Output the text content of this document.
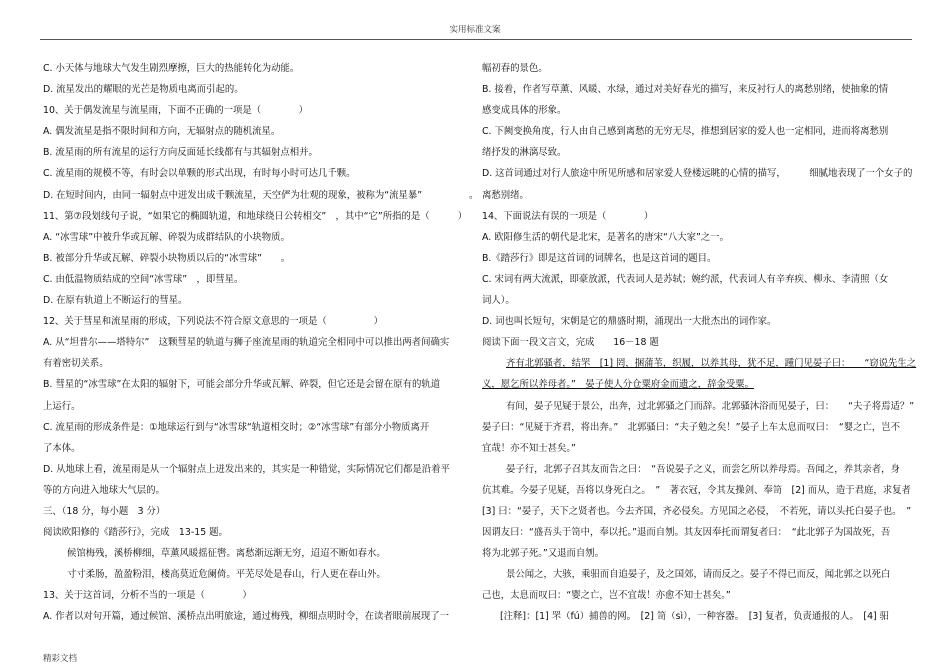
实用标准文案
C. 小天体与地球大气发生剧烈摩擦，巨大的热能转化为动能。
D. 流星发出的耀眼的光芒是物质电离而引起的。
10、关于偶发流星与流星雨，下面不正确的一项是（　　　　）
A. 偶发流星是指不限时间和方向，无辐射点的随机流星。
B. 流星雨的所有流星的运行方向反面延长线都有与其辐射点相并。
C. 流星雨的规模不等，有时会以单颗的形式出现，有时每小时可达几千颗。
D. 在短时间内，由同一辐射点中迸发出成千颗流星，天空俨为壮观的现象，被称为“流星暴”　　　　　。
11、第⑦段划线句子说，“如果它的椭圆轨道，和地球绕日公转相交”　，其中“它”所指的是（　　　）
A. “冰雪球”中被升华或瓦解、碎裂为成群结队的小块物质。
B. 被部分升华或瓦解、碎裂小块物质以后的“冰雪球”　　。
C. 由低温物质结成的空间“冰雪球”　，即彗星。
D. 在原有轨道上不断运行的彗星。
12、关于彗星和流星雨的形成，下列说法不符合原文意思的一项是（　　　　　）
A. 从“坦普尔——塔特尔”　这颗彗星的轨道与狮子座流星雨的轨道完全相同中可以推出两者间确实
有着密切关系。
B. 彗星的“冰雪球”在太阳的辐射下，可能会部分升华或瓦解、碎裂，但它还是会留在原有的轨道
上运行。
C. 流星雨的形成条件是：①地球运行到与“冰雪球“轨道相交时；②“冰雪球”有部分小物质离开
了本体。
D. 从地球上看，流星雨是从一个辐射点上迸发出来的，其实是一种错觉，实际情况它们都是沿着平
等的方向进入地球大气层的。
三、（18 分，每小题　3 分）
阅读欧阳修的《踏莎行》，完成　13-15 题。
候馆梅残，溪桥柳细，草薰风暖摇征辔。离愁渐远渐无穷，迢迢不断如春水。
寸寸柔肠，盈盈粉泪，楼高莫近危阑倚。平芜尽处是春山，行人更在春山外。
13、关于这首词，分析不当的一项是（　　　　）
A. 作者以对句开篇，通过候馆、溪桥点出明旅途，通过梅残，柳细点明时令，在读者眼前展现了一
幅初春的景色。
B. 接着，作者写草薰、风暖、水绿，通过对美好春光的描写，来反衬行人的离愁别绪，使抽象的情
感变成具体的形象。
C. 下阙变换角度，行人由自己感到离愁的无穷无尽，推想到居家的爱人也一定相同，进而将离愁别
绪抒发的淋漓尽致。
D. 这首词通过对行人旅途中所见所感和居家爱人登楼远眺的心情的描写，　　　细腻地表现了一个女子的
离愁别绪。
14、下面说法有误的一项是（　　　　）
A. 欧阳修生活的朝代是北宋，是著名的唐宋“八大家”之一。
B.《踏莎行》即是这首词的词牌名，也是这首词的题目。
C. 宋词有两大流派，即豪放派，代表词人是苏轼；婉约派，代表词人有辛弃疾、柳永、李清照（女
词人）。
D. 词也叫长短句，宋朝是它的鼎盛时期，涌现出一大批杰出的词作家。
阅读下面一段文言文，完成　　16－18 题
齐有北郭骚者，结罘　[1] 罔，捆蒲苇，织履，以养其母，犹不足，踵门见晏子曰：　　“窃说先生之
义，愿乞所以养母者。”　晏子使人分仓粟府金而遗之，辞金受粟。
有间，晏子见疑于景公，出奔，过北郭骚之门而辞。北郭骚沐浴而见晏子，曰：　　“夫子将焉适？”
晏子曰：“见疑于齐君，将出奔。”　北郭骚曰：“夫子勉之矣！”晏子上车太息而叹曰：　“婴之亡，岂不
宜哉！亦不知士甚矣。”
晏子行，北郭子召其友而告之曰：　“吾说晏子之义，而尝乞所以养母焉。吾闻之，养其亲者，身
伉其难。今晏子见疑，吾将以身死白之。　”　著衣冠，令其友操剑、奉笥　[2] 而从，造于君庭，求复者
[3] 曰：“晏子，天下之贤者也。今去齐国，齐必侵矣。方见国之必侵，　不若死，请以头托白晏子也。　”
因谓友曰：“盛吾头于笥中，奉以托。”退而自刎。其友因奉托而谓复者曰：　“此北郭子为国故死，吾
将为北郭子死。”又退而自刎。
景公闻之，大骇，乘驲而自追晏子，及之国郊，请而反之。晏子不得已而反，闻北郭之以死白
己也，太息而叹曰：“婴之亡，岂不宜哉！亦愈不知士甚矣。”
[注释]：[1] 罘（fú）捕兽的网。　[2] 笥（sì），一种容器。　[3] 复者，负责通报的人。　[4] 驲
精彩文档
